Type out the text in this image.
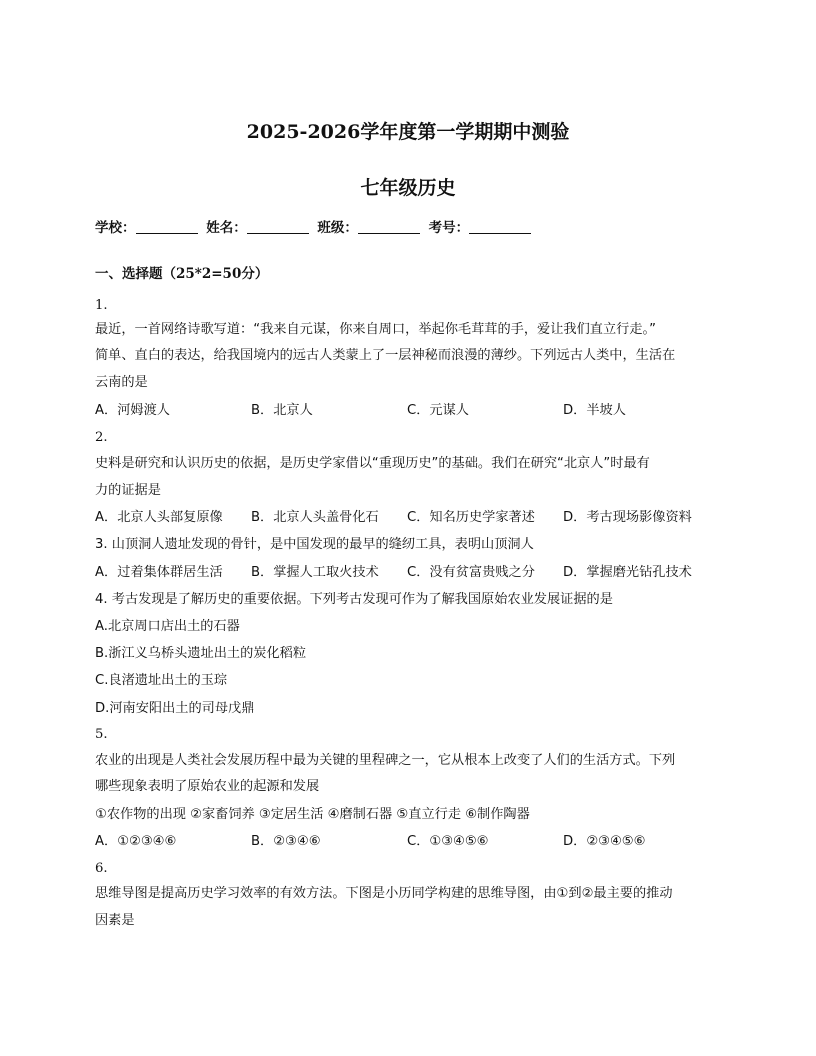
2025-2026学年度第一学期期中测验
七年级历史
学校：	姓名：	班级：	考号：
一、选择题（25*2=50分）
1.
最近，一首网络诗歌写道：“我来自元谋，你来自周口，举起你毛茸茸的手，爱让我们直立行走。”
简单、直白的表达，给我国境内的远古人类蒙上了一层神秘而浪漫的薄纱。下列远古人类中，生活在
云南的是
A．河姆渡人	B．北京人	C．元谋人	D．半坡人
2.
史料是研究和认识历史的依据，是历史学家借以“重现历史”的基础。我们在研究“北京人”时最有
力的证据是
A．北京人头部复原像 B．北京人头盖骨化石 C．知名历史学家著述 D．考古现场影像资料
3. 山顶洞人遗址发现的骨针，是中国发现的最早的缝纫工具，表明山顶洞人
A．过着集体群居生活 B．掌握人工取火技术 C．没有贫富贵贱之分 D．掌握磨光钻孔技术
4. 考古发现是了解历史的重要依据。下列考古发现可作为了解我国原始农业发展证据的是
A.北京周口店出土的石器
B.浙江义乌桥头遗址出土的炭化稻粒
C.良渚遗址出土的玉琮
D.河南安阳出土的司母戊鼎
5.
农业的出现是人类社会发展历程中最为关键的里程碑之一，它从根本上改变了人们的生活方式。下列
哪些现象表明了原始农业的起源和发展
①农作物的出现 ②家畜饲养 ③定居生活 ④磨制石器 ⑤直立行走 ⑥制作陶器
A．①②③④⑥	B．②③④⑥	C．①③④⑤⑥	D．②③④⑤⑥
6.
思维导图是提高历史学习效率的有效方法。下图是小历同学构建的思维导图，由①到②最主要的推动
因素是
